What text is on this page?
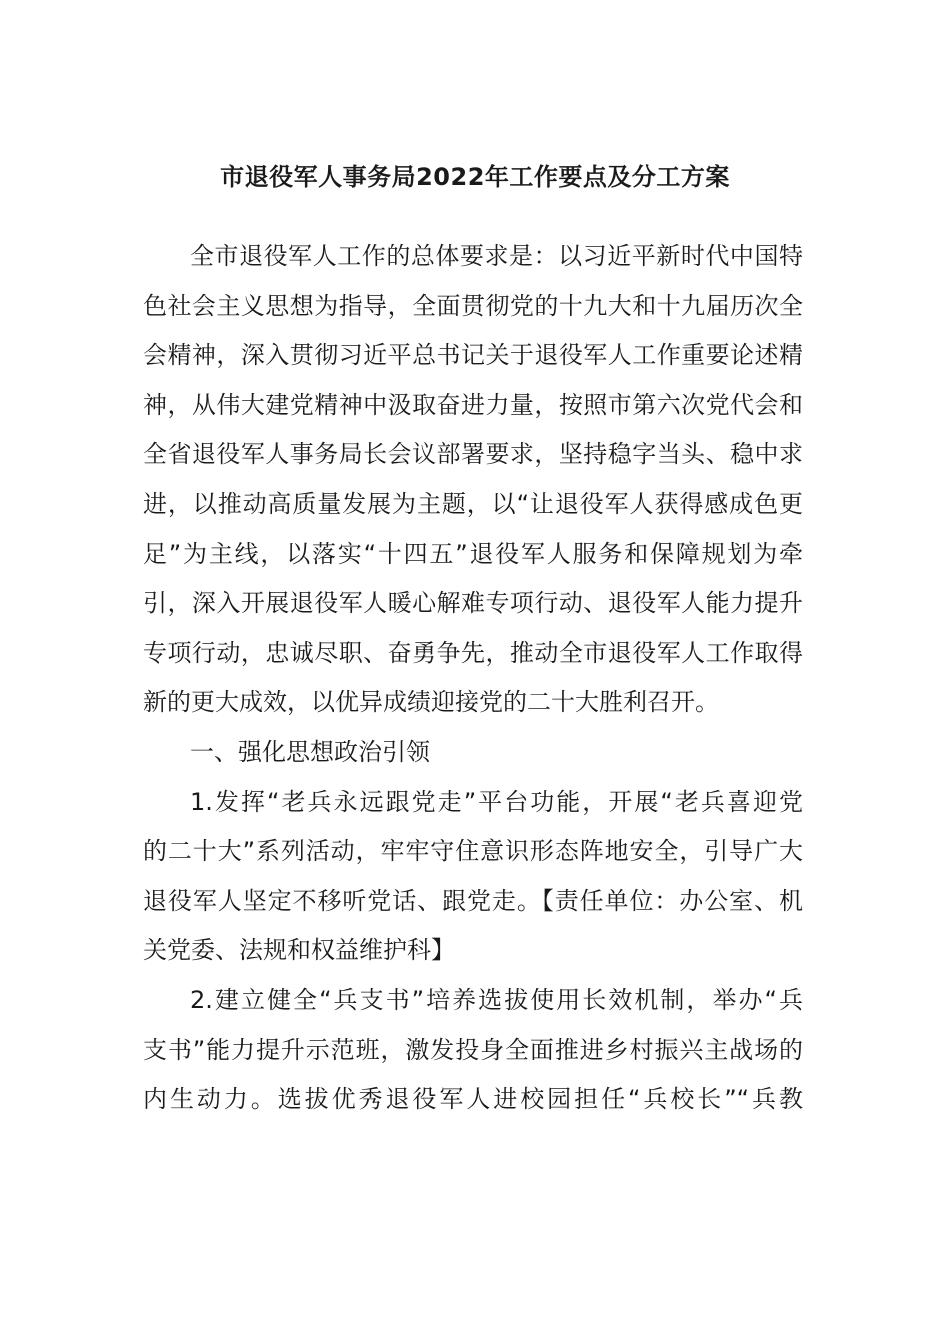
市退役军人事务局2022年工作要点及分工方案
全市退役军人工作的总体要求是：以习近平新时代中国特
色社会主义思想为指导，全面贯彻党的十九大和十九届历次全
会精神，深入贯彻习近平总书记关于退役军人工作重要论述精
神，从伟大建党精神中汲取奋进力量，按照市第六次党代会和
全省退役军人事务局长会议部署要求，坚持稳字当头、稳中求
进，以推动高质量发展为主题，以“让退役军人获得感成色更
足”为主线，以落实“十四五”退役军人服务和保障规划为牵
引，深入开展退役军人暖心解难专项行动、退役军人能力提升
专项行动，忠诚尽职、奋勇争先，推动全市退役军人工作取得
新的更大成效，以优异成绩迎接党的二十大胜利召开。
一、强化思想政治引领
1.发挥“老兵永远跟党走”平台功能，开展“老兵喜迎党
的二十大”系列活动，牢牢守住意识形态阵地安全，引导广大
退役军人坚定不移听党话、跟党走。【责任单位：办公室、机
关党委、法规和权益维护科】
2.建立健全“兵支书”培养选拔使用长效机制，举办“兵
支书”能力提升示范班，激发投身全面推进乡村振兴主战场的
内生动力。选拔优秀退役军人进校园担任“兵校长”“兵教
